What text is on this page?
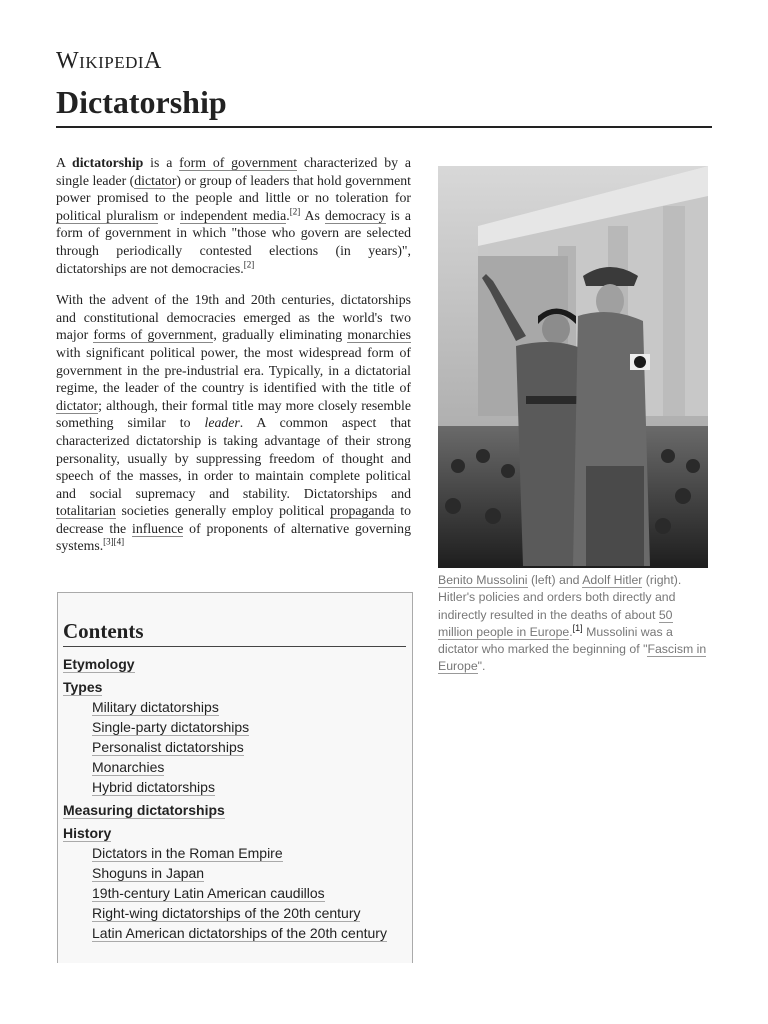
WIKIPEDIA
Dictatorship

A dictatorship is a form of government characterized by a single leader (dictator) or group of leaders that hold government power promised to the people and little or no toleration for political pluralism or independent media.[2] As democracy is a form of government in which "those who govern are selected through periodically contested elections (in years)", dictatorships are not democracies.[2]

With the advent of the 19th and 20th centuries, dictatorships and constitutional democracies emerged as the world's two major forms of government, gradually eliminating monarchies with significant political power, the most widespread form of government in the pre-industrial era. Typically, in a dictatorial regime, the leader of the country is identified with the title of dictator; although, their formal title may more closely resemble something similar to leader. A common aspect that characterized dictatorship is taking advantage of their strong personality, usually by suppressing freedom of thought and speech of the masses, in order to maintain complete political and social supremacy and stability. Dictatorships and totalitarian societies generally employ political propaganda to decrease the influence of proponents of alternative governing systems.[3][4]

Benito Mussolini (left) and Adolf Hitler (right). Hitler's policies and orders both directly and indirectly resulted in the deaths of about 50 million people in Europe.[1] Mussolini was a dictator who marked the beginning of "Fascism in Europe".
Contents
Etymology
Types
Military dictatorships
Single-party dictatorships
Personalist dictatorships
Monarchies
Hybrid dictatorships
Measuring dictatorships
History
Dictators in the Roman Empire
Shoguns in Japan
19th-century Latin American caudillos
Right-wing dictatorships of the 20th century
Latin American dictatorships of the 20th century
